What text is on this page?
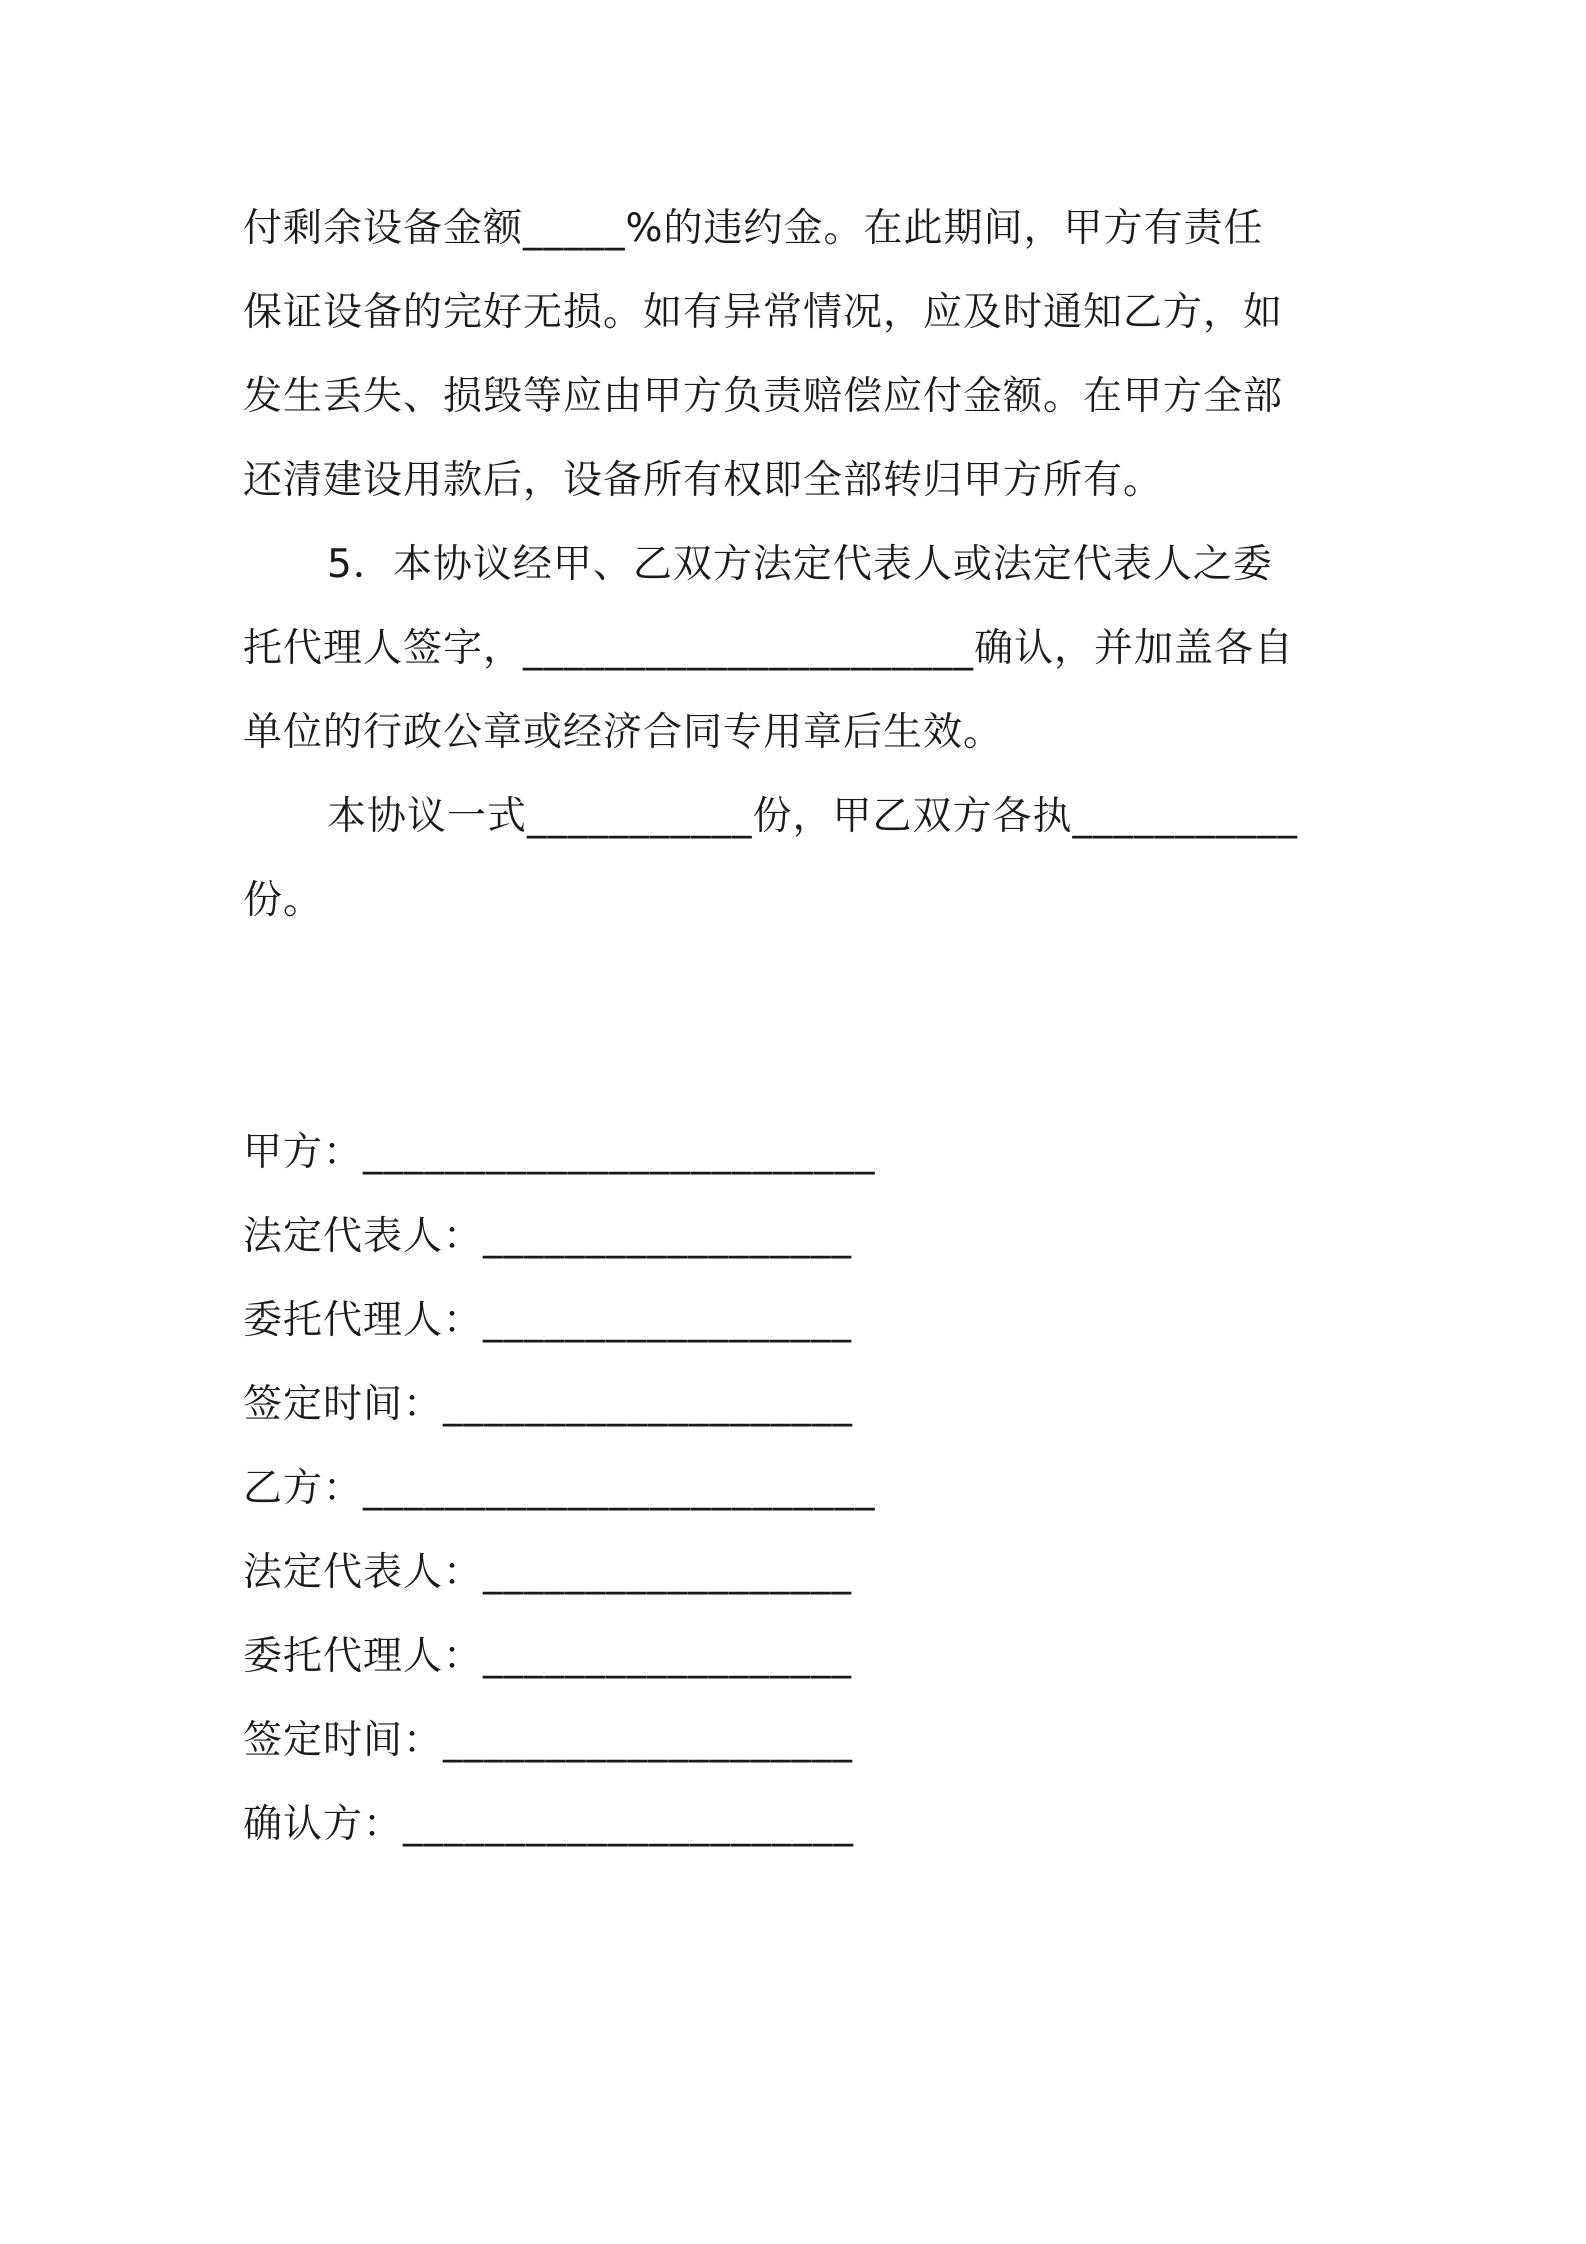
付剩余设备金额_____%的违约金。在此期间，甲方有责任
保证设备的完好无损。如有异常情况，应及时通知乙方，如
发生丢失、损毁等应由甲方负责赔偿应付金额。在甲方全部
还清建设用款后，设备所有权即全部转归甲方所有。
5．本协议经甲、乙双方法定代表人或法定代表人之委
托代理人签字，______________________确认，并加盖各自
单位的行政公章或经济合同专用章后生效。
本协议一式___________份，甲乙双方各执___________
份。
甲方：_________________________
法定代表人：__________________
委托代理人：__________________
签定时间：____________________
乙方：_________________________
法定代表人：__________________
委托代理人：__________________
签定时间：____________________
确认方：______________________
